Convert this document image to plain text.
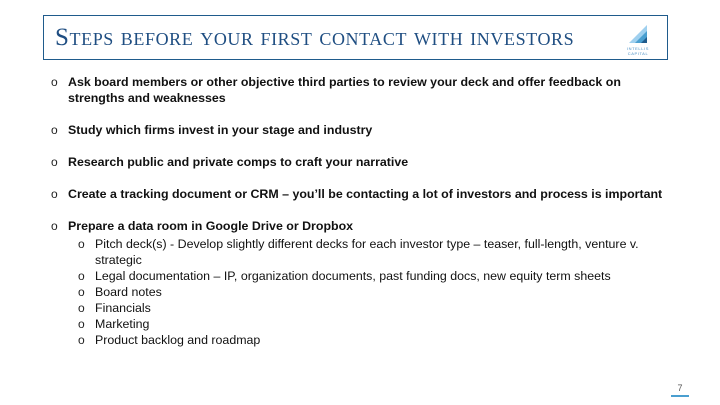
Steps before your first contact with investors	INTELLIS
CAPITAL
o Ask board members or other objective third parties to review your deck and offer feedback on strengths and weaknesses
o Study which firms invest in your stage and industry
o Research public and private comps to craft your narrative
o Create a tracking document or CRM – you’ll be contacting a lot of investors and process is important
o Prepare a data room in Google Drive or Dropbox
o Pitch deck(s) - Develop slightly different decks for each investor type – teaser, full-length, venture v. strategic
o Legal documentation – IP, organization documents, past funding docs, new equity term sheets
o Board notes
o Financials
o Marketing
o Product backlog and roadmap
7
